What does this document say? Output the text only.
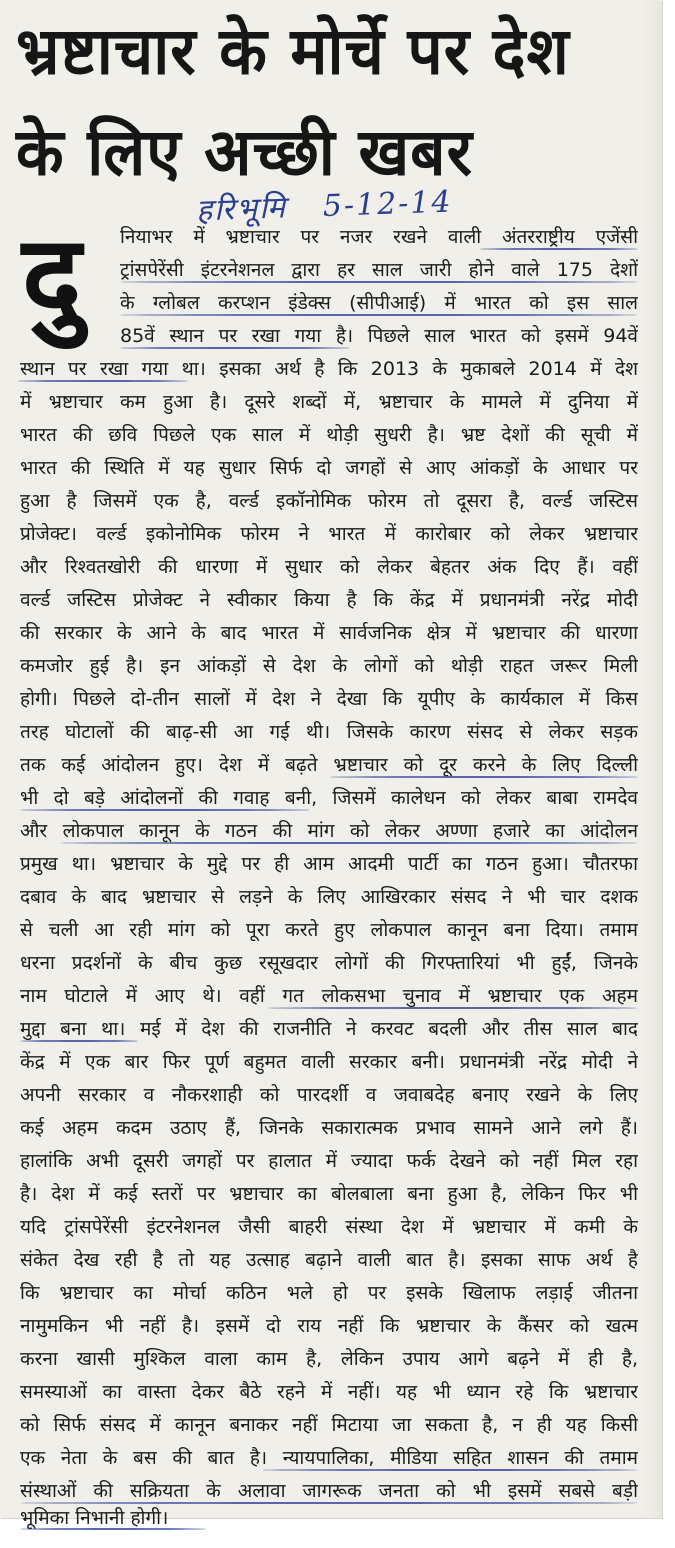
भ्रष्टाचार के मोर्चे पर देश
के लिए अच्छी खबर
हरिभूमि 5-12-14
दु नियाभर में भ्रष्टाचार पर नजर रखने वाली अंतरराष्ट्रीय एजेंसी
ट्रांसपेरेंसी इंटरनेशनल द्वारा हर साल जारी होने वाले 175 देशों
के ग्लोबल करप्शन इंडेक्स (सीपीआई) में भारत को इस साल
85वें स्थान पर रखा गया है। पिछले साल भारत को इसमें 94वें
स्थान पर रखा गया था। इसका अर्थ है कि 2013 के मुकाबले 2014 में देश
में भ्रष्टाचार कम हुआ है। दूसरे शब्दों में, भ्रष्टाचार के मामले में दुनिया में
भारत की छवि पिछले एक साल में थोड़ी सुधरी है। भ्रष्ट देशों की सूची में
भारत की स्थिति में यह सुधार सिर्फ दो जगहों से आए आंकड़ों के आधार पर
हुआ है जिसमें एक है, वर्ल्ड इकॉनोमिक फोरम तो दूसरा है, वर्ल्ड जस्टिस
प्रोजेक्ट। वर्ल्ड इकोनोमिक फोरम ने भारत में कारोबार को लेकर भ्रष्टाचार
और रिश्वतखोरी की धारणा में सुधार को लेकर बेहतर अंक दिए हैं। वहीं
वर्ल्ड जस्टिस प्रोजेक्ट ने स्वीकार किया है कि केंद्र में प्रधानमंत्री नरेंद्र मोदी
की सरकार के आने के बाद भारत में सार्वजनिक क्षेत्र में भ्रष्टाचार की धारणा
कमजोर हुई है। इन आंकड़ों से देश के लोगों को थोड़ी राहत जरूर मिली
होगी। पिछले दो-तीन सालों में देश ने देखा कि यूपीए के कार्यकाल में किस
तरह घोटालों की बाढ़-सी आ गई थी। जिसके कारण संसद से लेकर सड़क
तक कई आंदोलन हुए। देश में बढ़ते भ्रष्टाचार को दूर करने के लिए दिल्ली
भी दो बड़े आंदोलनों की गवाह बनी, जिसमें कालेधन को लेकर बाबा रामदेव
और लोकपाल कानून के गठन की मांग को लेकर अण्णा हजारे का आंदोलन
प्रमुख था। भ्रष्टाचार के मुद्दे पर ही आम आदमी पार्टी का गठन हुआ। चौतरफा
दबाव के बाद भ्रष्टाचार से लड़ने के लिए आखिरकार संसद ने भी चार दशक
से चली आ रही मांग को पूरा करते हुए लोकपाल कानून बना दिया। तमाम
धरना प्रदर्शनों के बीच कुछ रसूखदार लोगों की गिरफ्तारियां भी हुईं, जिनके
नाम घोटाले में आए थे। वहीं गत लोकसभा चुनाव में भ्रष्टाचार एक अहम
मुद्दा बना था। मई में देश की राजनीति ने करवट बदली और तीस साल बाद
केंद्र में एक बार फिर पूर्ण बहुमत वाली सरकार बनी। प्रधानमंत्री नरेंद्र मोदी ने
अपनी सरकार व नौकरशाही को पारदर्शी व जवाबदेह बनाए रखने के लिए
कई अहम कदम उठाए हैं, जिनके सकारात्मक प्रभाव सामने आने लगे हैं।
हालांकि अभी दूसरी जगहों पर हालात में ज्यादा फर्क देखने को नहीं मिल रहा
है। देश में कई स्तरों पर भ्रष्टाचार का बोलबाला बना हुआ है, लेकिन फिर भी
यदि ट्रांसपेरेंसी इंटरनेशनल जैसी बाहरी संस्था देश में भ्रष्टाचार में कमी के
संकेत देख रही है तो यह उत्साह बढ़ाने वाली बात है। इसका साफ अर्थ है
कि भ्रष्टाचार का मोर्चा कठिन भले हो पर इसके खिलाफ लड़ाई जीतना
नामुमकिन भी नहीं है। इसमें दो राय नहीं कि भ्रष्टाचार के कैंसर को खत्म
करना खासी मुश्किल वाला काम है, लेकिन उपाय आगे बढ़ने में ही है,
समस्याओं का वास्ता देकर बैठे रहने में नहीं। यह भी ध्यान रहे कि भ्रष्टाचार
को सिर्फ संसद में कानून बनाकर नहीं मिटाया जा सकता है, न ही यह किसी
एक नेता के बस की बात है। न्यायपालिका, मीडिया सहित शासन की तमाम
संस्थाओं की सक्रियता के अलावा जागरूक जनता को भी इसमें सबसे बड़ी
भूमिका निभानी होगी।
